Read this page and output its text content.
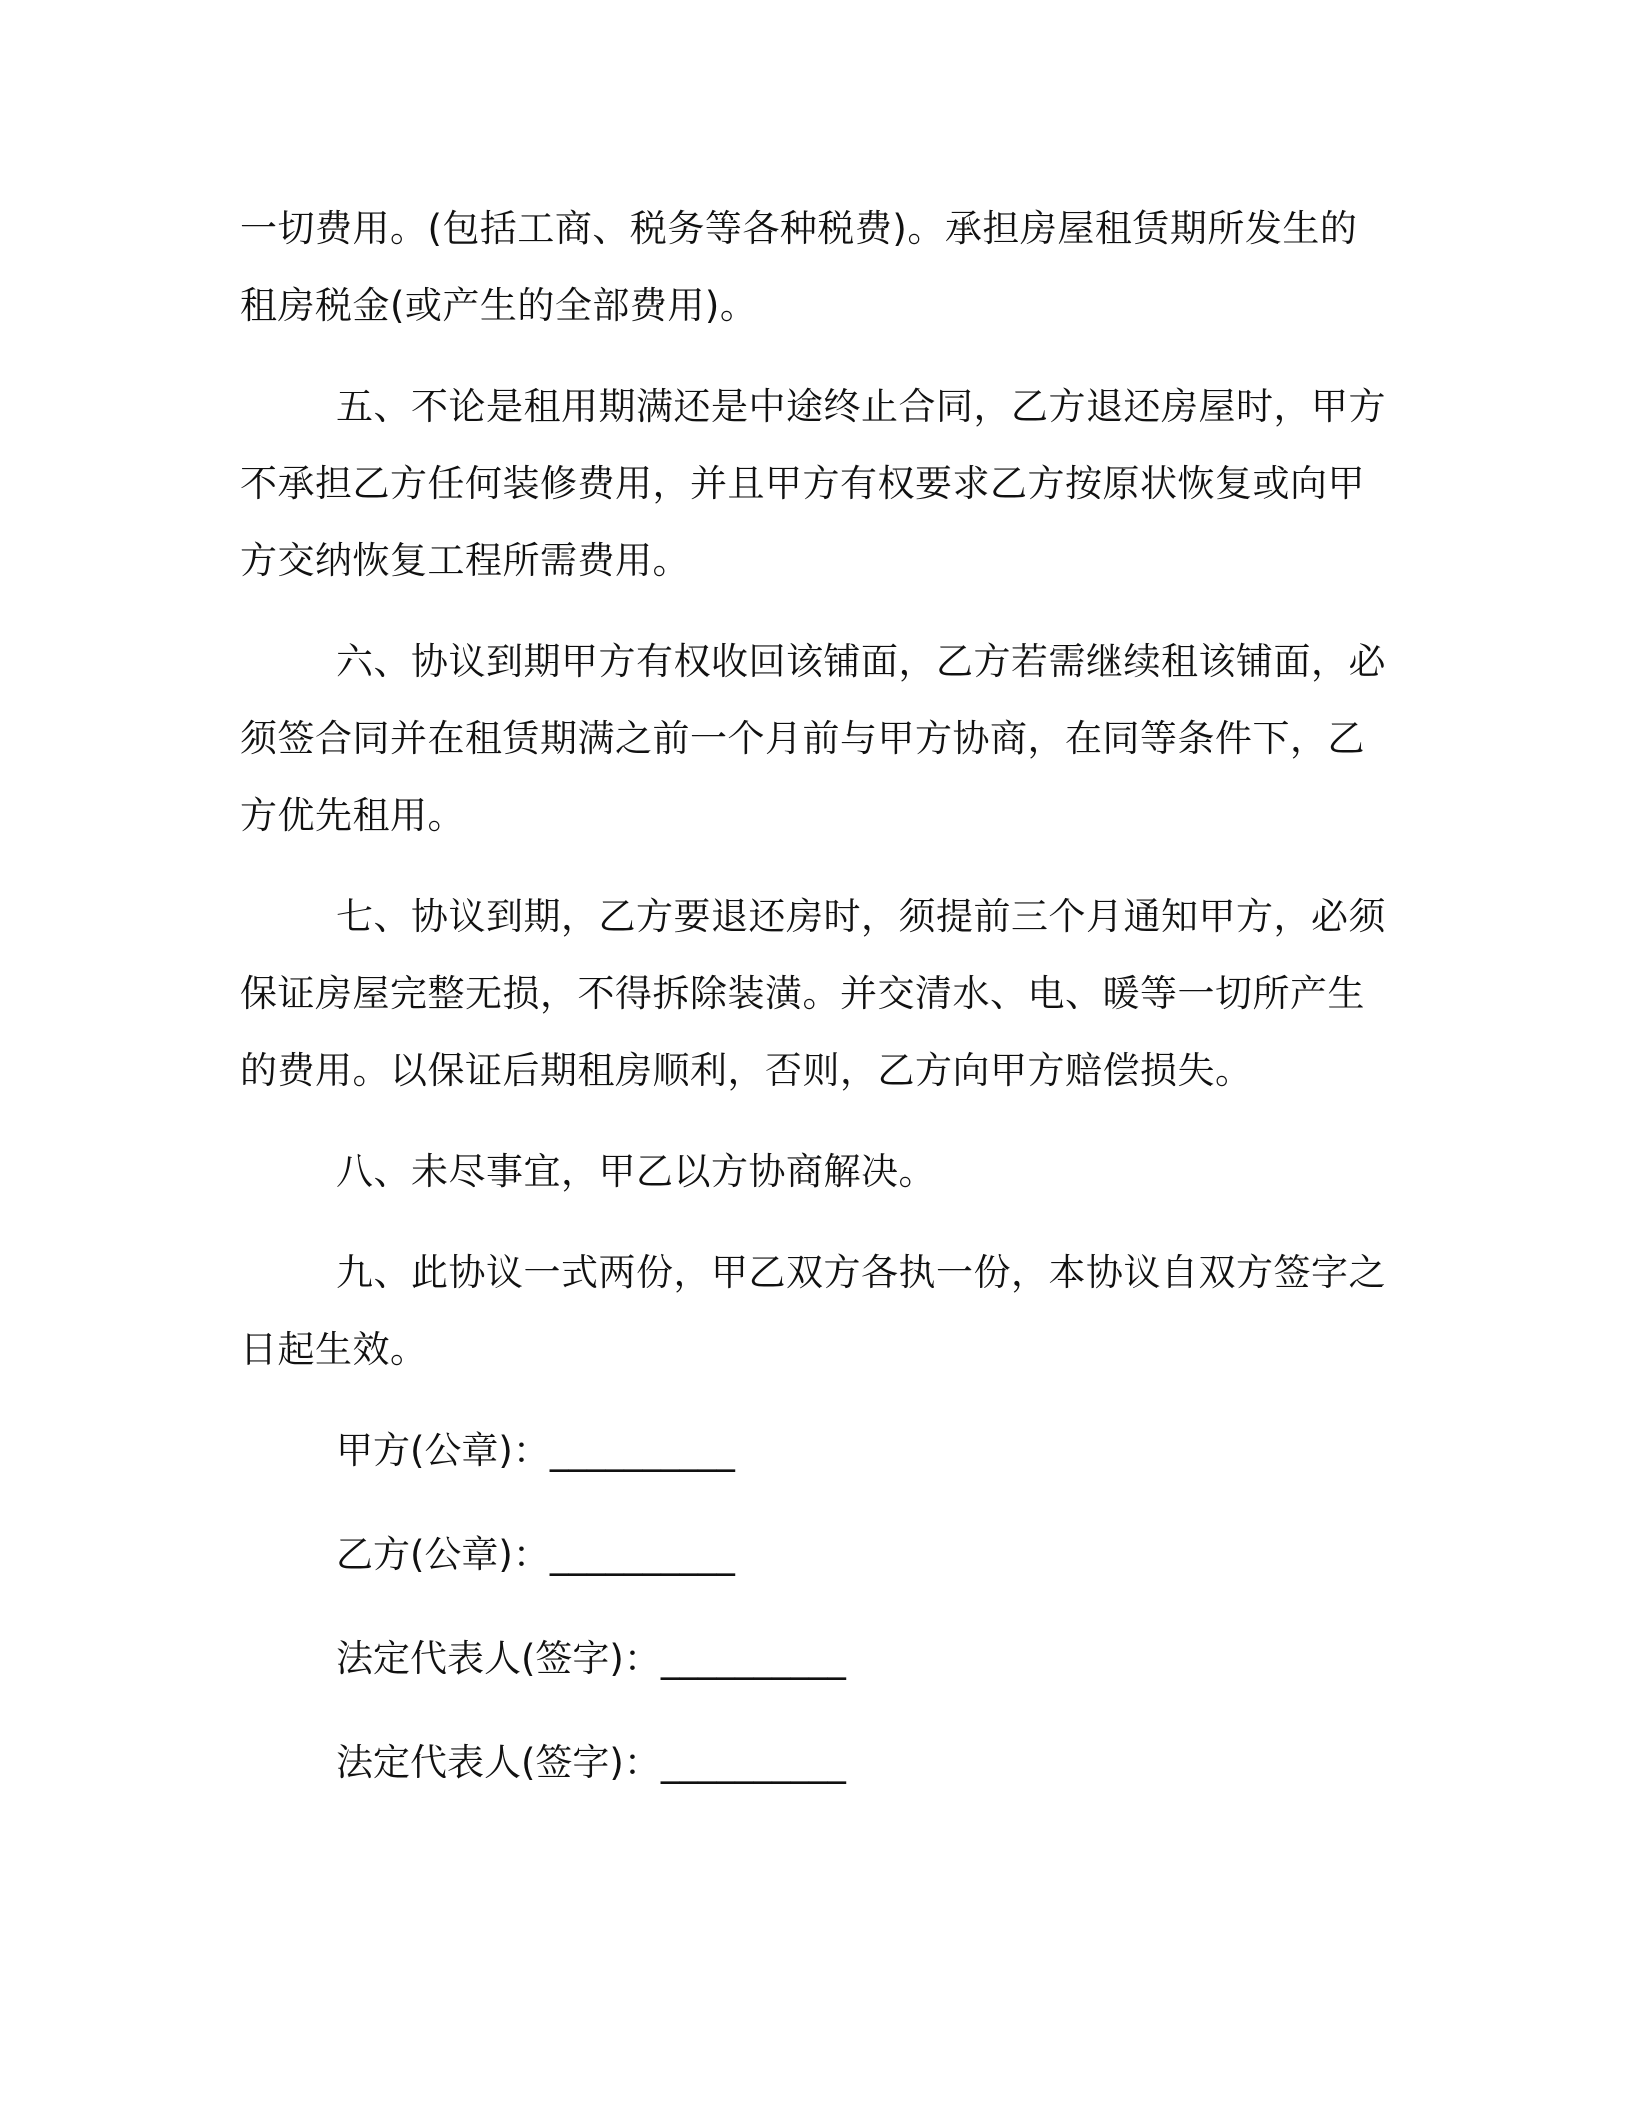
一切费用。(包括工商、税务等各种税费)。承担房屋租赁期所发生的租房税金(或产生的全部费用)。

五、不论是租用期满还是中途终止合同，乙方退还房屋时，甲方不承担乙方任何装修费用，并且甲方有权要求乙方按原状恢复或向甲方交纳恢复工程所需费用。

六、协议到期甲方有权收回该铺面，乙方若需继续租该铺面，必须签合同并在租赁期满之前一个月前与甲方协商，在同等条件下，乙方优先租用。

七、协议到期，乙方要退还房时，须提前三个月通知甲方，必须保证房屋完整无损，不得拆除装潢。并交清水、电、暖等一切所产生的费用。以保证后期租房顺利，否则，乙方向甲方赔偿损失。

八、未尽事宜，甲乙以方协商解决。

九、此协议一式两份，甲乙双方各执一份，本协议自双方签字之日起生效。

甲方(公章)：__________

乙方(公章)：__________

法定代表人(签字)：__________

法定代表人(签字)：__________
